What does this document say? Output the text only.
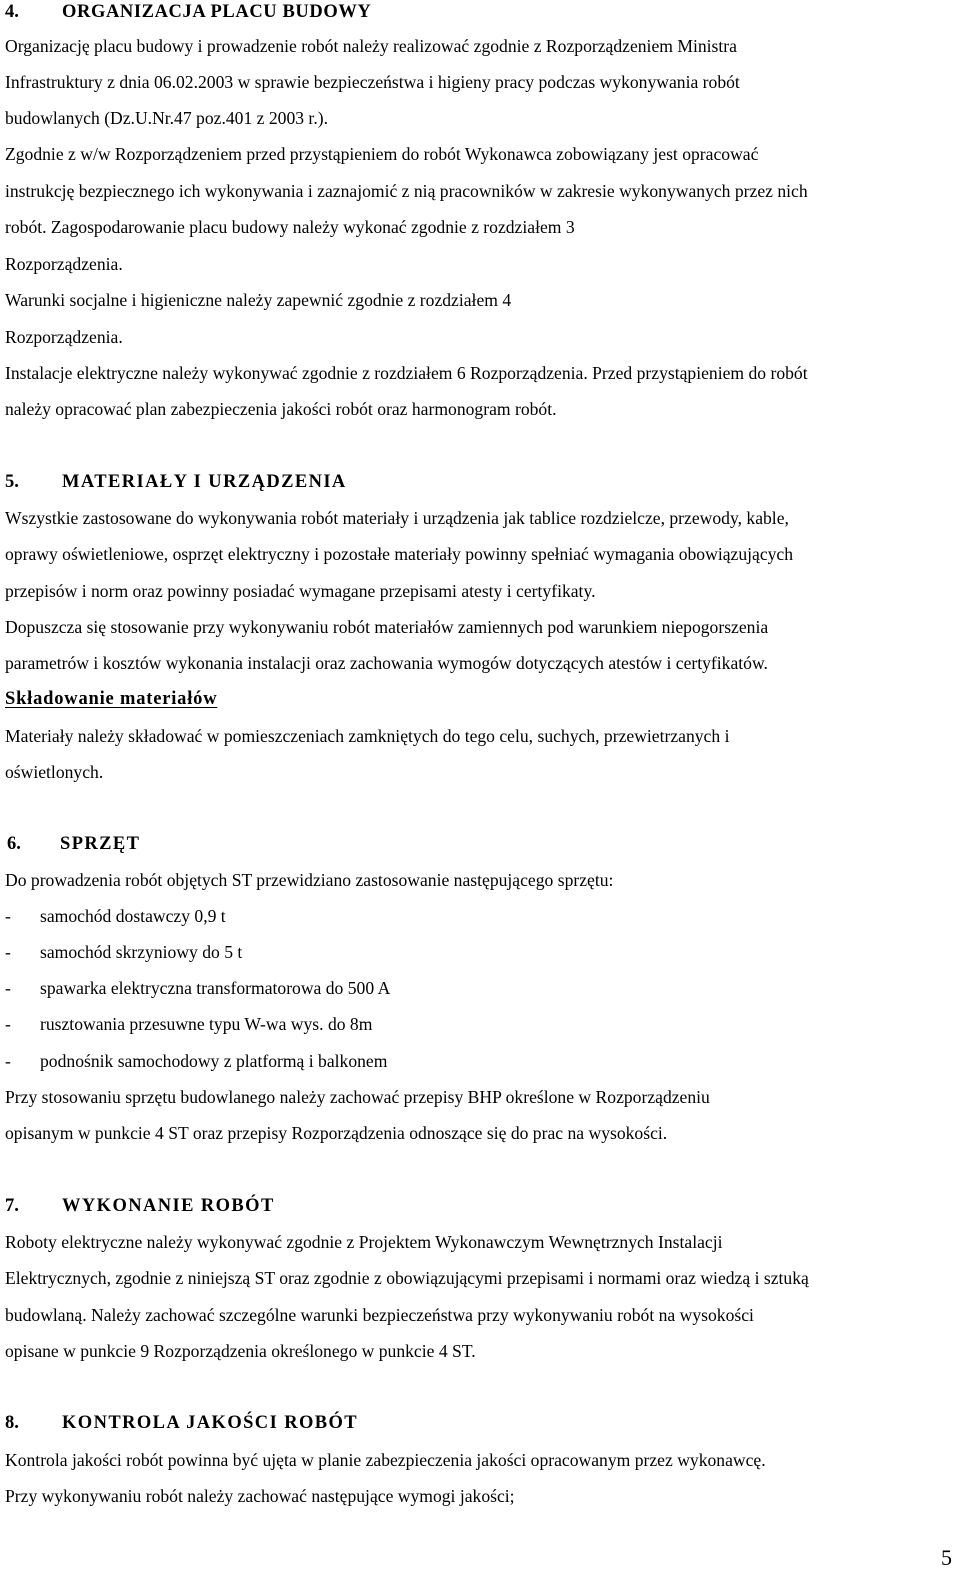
4. ORGANIZACJA PLACU BUDOWY
Organizację placu budowy i prowadzenie robót należy realizować zgodnie z Rozporządzeniem Ministra
Infrastruktury z dnia 06.02.2003 w sprawie bezpieczeństwa i higieny pracy podczas wykonywania robót
budowlanych (Dz.U.Nr.47 poz.401 z 2003 r.).
Zgodnie z w/w Rozporządzeniem przed przystąpieniem do robót Wykonawca zobowiązany jest opracować
instrukcję bezpiecznego ich wykonywania i zaznajomić z nią pracowników w zakresie wykonywanych przez nich
robót. Zagospodarowanie placu budowy należy wykonać zgodnie z rozdziałem 3
Rozporządzenia.
Warunki socjalne i higieniczne należy zapewnić zgodnie z rozdziałem 4
Rozporządzenia.
Instalacje elektryczne należy wykonywać zgodnie z rozdziałem 6 Rozporządzenia. Przed przystąpieniem do robót
należy opracować plan zabezpieczenia jakości robót oraz harmonogram robót.
5. MATERIAŁY I URZĄDZENIA
Wszystkie zastosowane do wykonywania robót materiały i urządzenia jak tablice rozdzielcze, przewody, kable,
oprawy oświetleniowe, osprzęt elektryczny i pozostałe materiały powinny spełniać wymagania obowiązujących
przepisów i norm oraz powinny posiadać wymagane przepisami atesty i certyfikaty.
Dopuszcza się stosowanie przy wykonywaniu robót materiałów zamiennych pod warunkiem niepogorszenia
parametrów i kosztów wykonania instalacji oraz zachowania wymogów dotyczących atestów i certyfikatów.
Składowanie materiałów
Materiały należy składować w pomieszczeniach zamkniętych do tego celu, suchych, przewietrzanych i
oświetlonych.
6. SPRZĘT
Do prowadzenia robót objętych ST przewidziano zastosowanie następującego sprzętu:
- samochód dostawczy 0,9 t
- samochód skrzyniowy do 5 t
- spawarka elektryczna transformatorowa do 500 A
- rusztowania przesuwne typu W-wa wys. do 8m
- podnośnik samochodowy z platformą i balkonem
Przy stosowaniu sprzętu budowlanego należy zachować przepisy BHP określone w Rozporządzeniu
opisanym w punkcie 4 ST oraz przepisy Rozporządzenia odnoszące się do prac na wysokości.
7. WYKONANIE ROBÓT
Roboty elektryczne należy wykonywać zgodnie z Projektem Wykonawczym Wewnętrznych Instalacji
Elektrycznych, zgodnie z niniejszą ST oraz zgodnie z obowiązującymi przepisami i normami oraz wiedzą i sztuką
budowlaną. Należy zachować szczególne warunki bezpieczeństwa przy wykonywaniu robót na wysokości
opisane w punkcie 9 Rozporządzenia określonego w punkcie 4 ST.
8. KONTROLA JAKOŚCI ROBÓT
Kontrola jakości robót powinna być ujęta w planie zabezpieczenia jakości opracowanym przez wykonawcę.
Przy wykonywaniu robót należy zachować następujące wymogi jakości;
5
